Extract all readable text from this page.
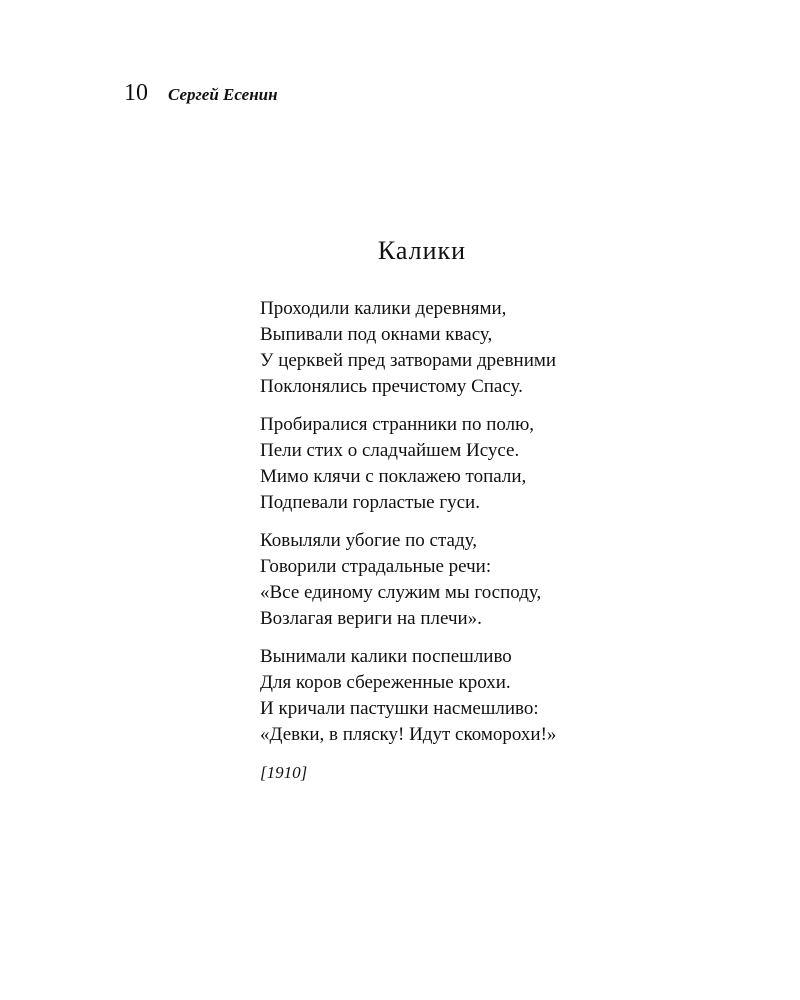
10 Сергей Есенин
Калики
Проходили калики деревнями,
Выпивали под окнами квасу,
У церквей пред затворами древними
Поклонялись пречистому Спасу.
Пробиралися странники по полю,
Пели стих о сладчайшем Исусе.
Мимо клячи с поклажею топали,
Подпевали горластые гуси.
Ковыляли убогие по стаду,
Говорили страдальные речи:
«Все единому служим мы господу,
Возлагая вериги на плечи».
Вынимали калики поспешливо
Для коров сбереженные крохи.
И кричали пастушки насмешливо:
«Девки, в пляску! Идут скоморохи!»
[1910]
